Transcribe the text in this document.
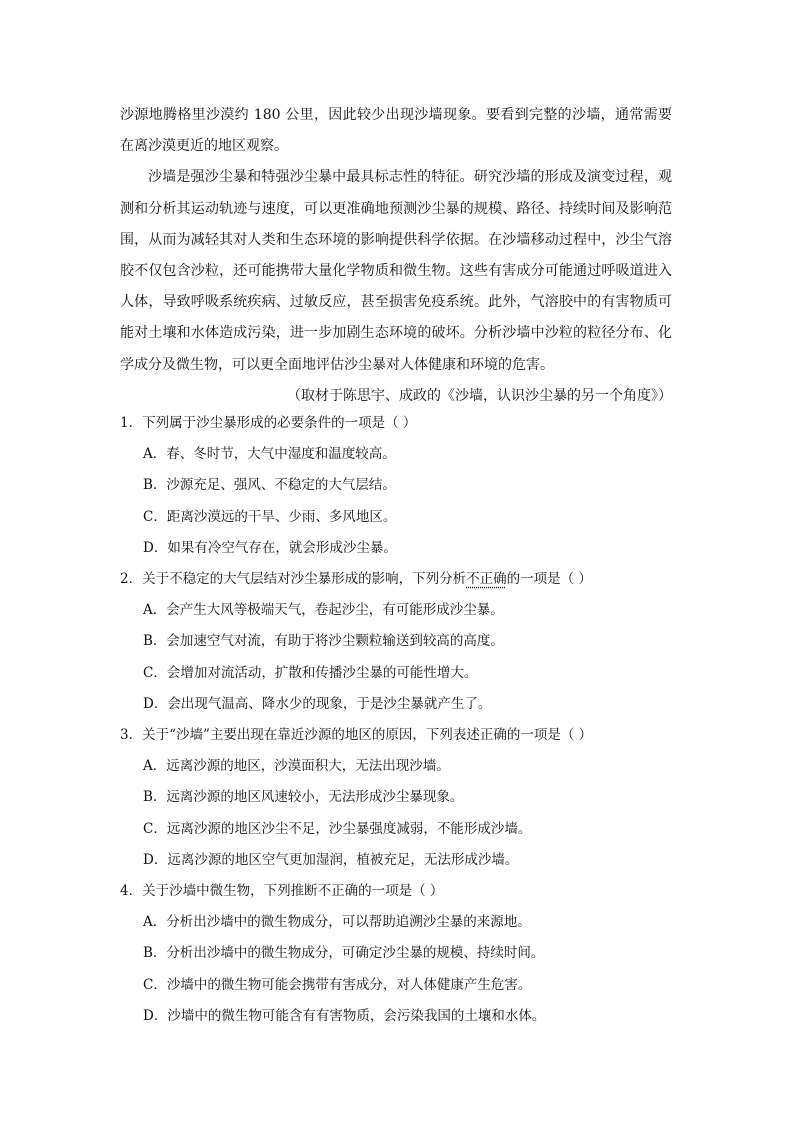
沙源地腾格里沙漠约 180 公里，因此较少出现沙墙现象。要看到完整的沙墙，通常需要在离沙漠更近的地区观察。

沙墙是强沙尘暴和特强沙尘暴中最具标志性的特征。研究沙墙的形成及演变过程，观测和分析其运动轨迹与速度，可以更准确地预测沙尘暴的规模、路径、持续时间及影响范围，从而为减轻其对人类和生态环境的影响提供科学依据。在沙墙移动过程中，沙尘气溶胶不仅包含沙粒，还可能携带大量化学物质和微生物。这些有害成分可能通过呼吸道进入人体，导致呼吸系统疾病、过敏反应，甚至损害免疫系统。此外，气溶胶中的有害物质可能对土壤和水体造成污染，进一步加剧生态环境的破坏。分析沙墙中沙粒的粒径分布、化学成分及微生物，可以更全面地评估沙尘暴对人体健康和环境的危害。

（取材于陈思宇、成政的《沙墙，认识沙尘暴的另一个角度》）

1．下列属于沙尘暴形成的必要条件的一项是（ ）

A．春、冬时节，大气中湿度和温度较高。

B．沙源充足、强风、不稳定的大气层结。

C．距离沙漠远的干旱、少雨、多风地区。

D．如果有冷空气存在，就会形成沙尘暴。

2．关于不稳定的大气层结对沙尘暴形成的影响，下列分析不正确的一项是（ ）

A．会产生大风等极端天气，卷起沙尘，有可能形成沙尘暴。

B．会加速空气对流，有助于将沙尘颗粒输送到较高的高度。

C．会增加对流活动，扩散和传播沙尘暴的可能性增大。

D．会出现气温高、降水少的现象，于是沙尘暴就产生了。

3．关于“沙墙”主要出现在靠近沙源的地区的原因，下列表述正确的一项是（ ）

A．远离沙源的地区，沙漠面积大，无法出现沙墙。

B．远离沙源的地区风速较小，无法形成沙尘暴现象。

C．远离沙源的地区沙尘不足，沙尘暴强度减弱，不能形成沙墙。

D．远离沙源的地区空气更加湿润，植被充足，无法形成沙墙。

4．关于沙墙中微生物，下列推断不正确的一项是（ ）

A．分析出沙墙中的微生物成分，可以帮助追溯沙尘暴的来源地。

B．分析出沙墙中的微生物成分，可确定沙尘暴的规模、持续时间。

C．沙墙中的微生物可能会携带有害成分，对人体健康产生危害。

D．沙墙中的微生物可能含有有害物质，会污染我国的土壤和水体。
